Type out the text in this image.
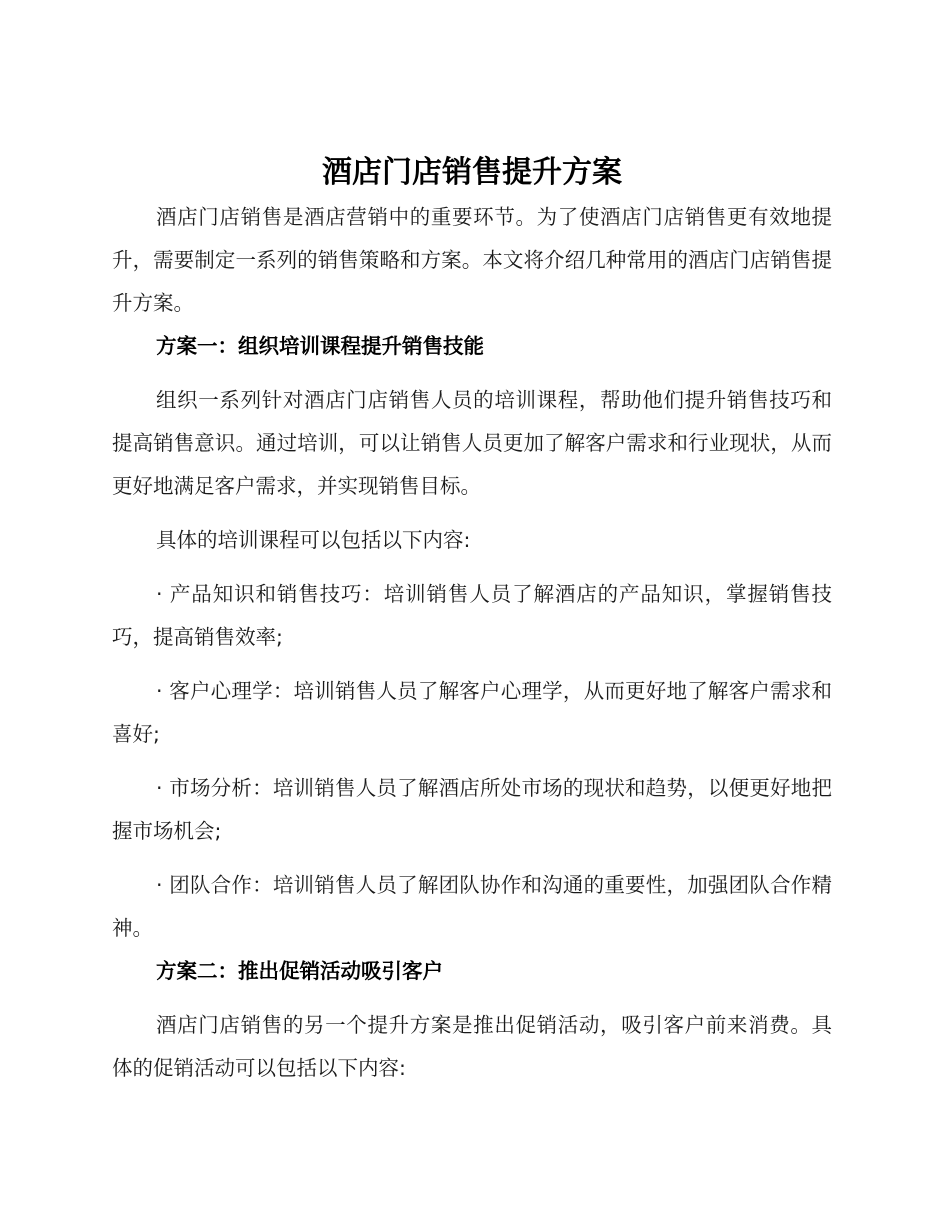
酒店门店销售提升方案

酒店门店销售是酒店营销中的重要环节。为了使酒店门店销售更有效地提升，需要制定一系列的销售策略和方案。本文将介绍几种常用的酒店门店销售提升方案。

方案一：组织培训课程提升销售技能

组织一系列针对酒店门店销售人员的培训课程，帮助他们提升销售技巧和提高销售意识。通过培训，可以让销售人员更加了解客户需求和行业现状，从而更好地满足客户需求，并实现销售目标。

具体的培训课程可以包括以下内容:

· 产品知识和销售技巧：培训销售人员了解酒店的产品知识，掌握销售技巧，提高销售效率;

· 客户心理学：培训销售人员了解客户心理学，从而更好地了解客户需求和喜好;

· 市场分析：培训销售人员了解酒店所处市场的现状和趋势，以便更好地把握市场机会;

· 团队合作：培训销售人员了解团队协作和沟通的重要性，加强团队合作精神。

方案二：推出促销活动吸引客户

酒店门店销售的另一个提升方案是推出促销活动，吸引客户前来消费。具体的促销活动可以包括以下内容:
